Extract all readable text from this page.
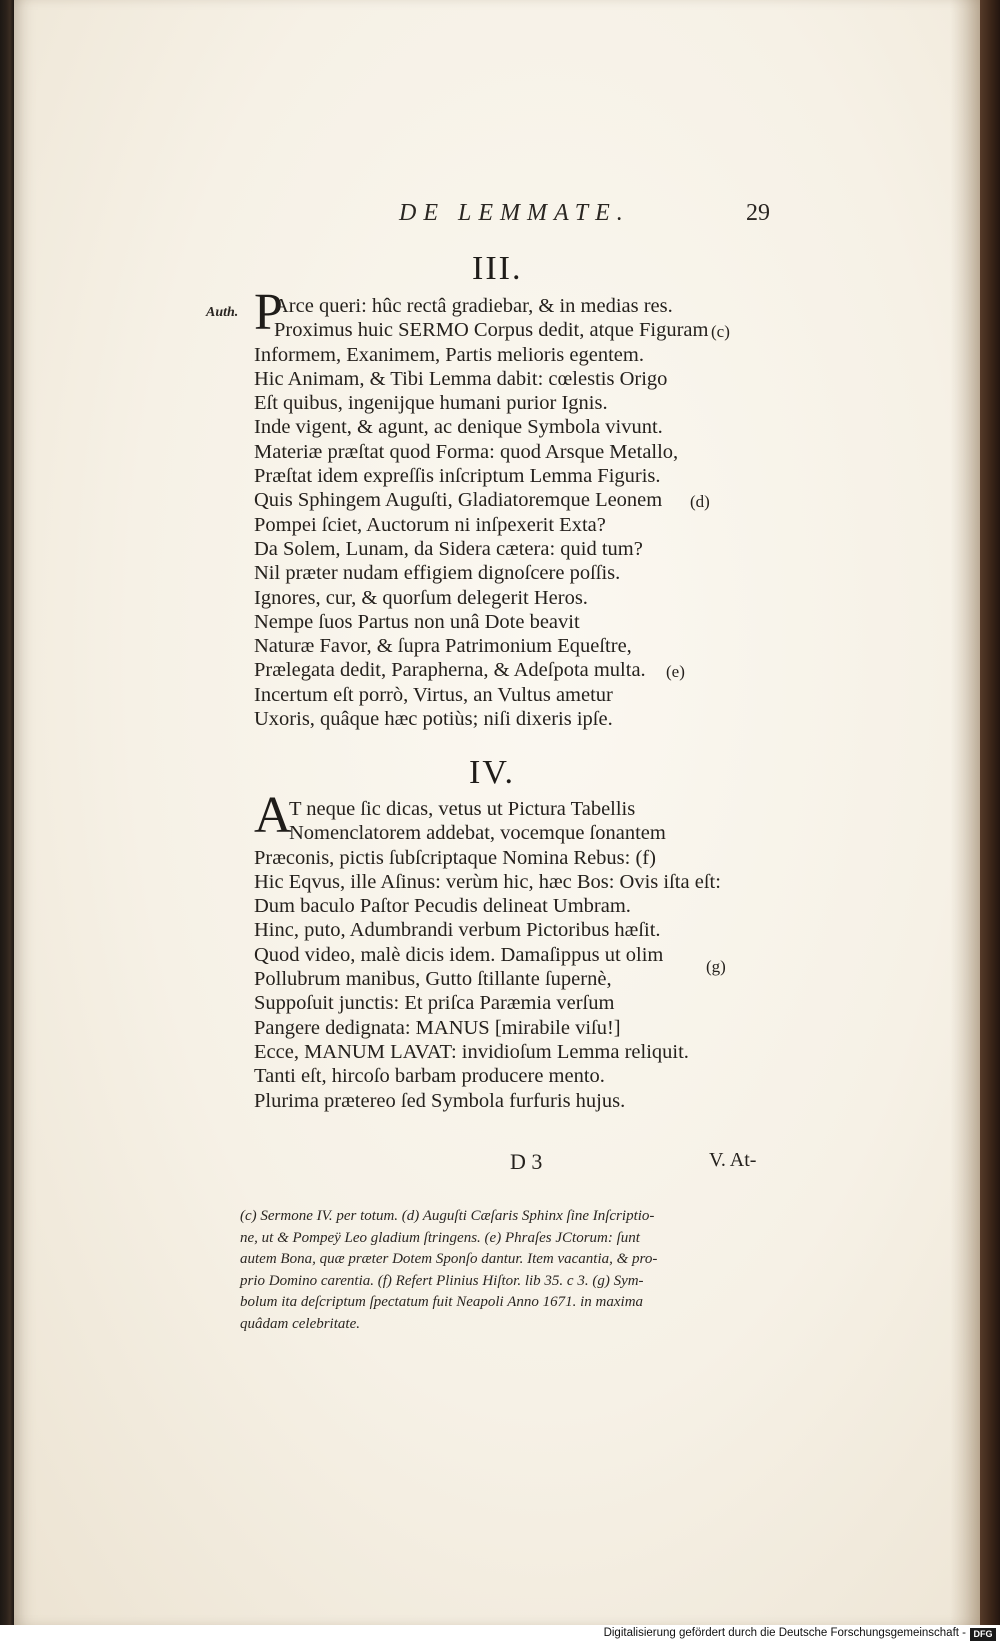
DE LEMMATE.	29
III.
Auth. P
Arce queri: hûc rectâ gradiebar, & in medias res.
Proximus huic SERMO Corpus dedit, atque Figuram
Informem, Exanimem, Partis melioris egentem.
Hic Animam, & Tibi Lemma dabit: cœlestis Origo
Eſt quibus, ingenijque humani purior Ignis.
Inde vigent, & agunt, ac denique Symbola vivunt.
Materiæ præſtat quod Forma: quod Arsque Metallo,
Præſtat idem expreſſis inſcriptum Lemma Figuris.
Quis Sphingem Auguſti, Gladiatoremque Leonem
Pompei ſciet, Auctorum ni inſpexerit Exta?
Da Solem, Lunam, da Sidera cætera: quid tum?
Nil præter nudam effigiem dignoſcere poſſis.
Ignores, cur, & quorſum delegerit Heros.
Nempe ſuos Partus non unâ Dote beavit
Naturæ Favor, & ſupra Patrimonium Equeſtre,
Prælegata dedit, Parapherna, & Adeſpota multa.
Incertum eſt porrò, Virtus, an Vultus ametur
Uxoris, quâque hæc potiùs; niſi dixeris ipſe.
(c)
(d)
(e)
IV.
A
T neque ſic dicas, vetus ut Pictura Tabellis
Nomenclatorem addebat, vocemque ſonantem
Præconis, pictis ſubſcriptaque Nomina Rebus: (f)
Hic Eqvus, ille Aſinus: verùm hic, hæc Bos: Ovis iſta eſt:
Dum baculo Paſtor Pecudis delineat Umbram.
Hinc, puto, Adumbrandi verbum Pictoribus hæſit.
Quod video, malè dicis idem. Damaſippus ut olim
Pollubrum manibus, Gutto ſtillante ſupernè,
Suppoſuit junctis: Et priſca Paræmia verſum
Pangere dedignata: MANUS [mirabile viſu!]
Ecce, MANUM LAVAT: invidioſum Lemma reliquit.
Tanti eſt, hircoſo barbam producere mento.
Plurima prætereo ſed Symbola furfuris hujus.
(g)
D 3	V. At-
(c) Sermone IV. per totum. (d) Auguſti Cæſaris Sphinx ſine Inſcriptio-
ne, ut & Pompeÿ Leo gladium ſtringens. (e) Phraſes JCtorum: ſunt
autem Bona, quæ præter Dotem Sponſo dantur. Item vacantia, & pro-
prio Domino carentia. (f) Refert Plinius Hiſtor. lib 35. c 3. (g) Sym-
bolum ita deſcriptum ſpectatum fuit Neapoli Anno 1671. in maxima
quâdam celebritate.
Digitalisierung gefördert durch die Deutsche Forschungsgemeinschaft - DFG
